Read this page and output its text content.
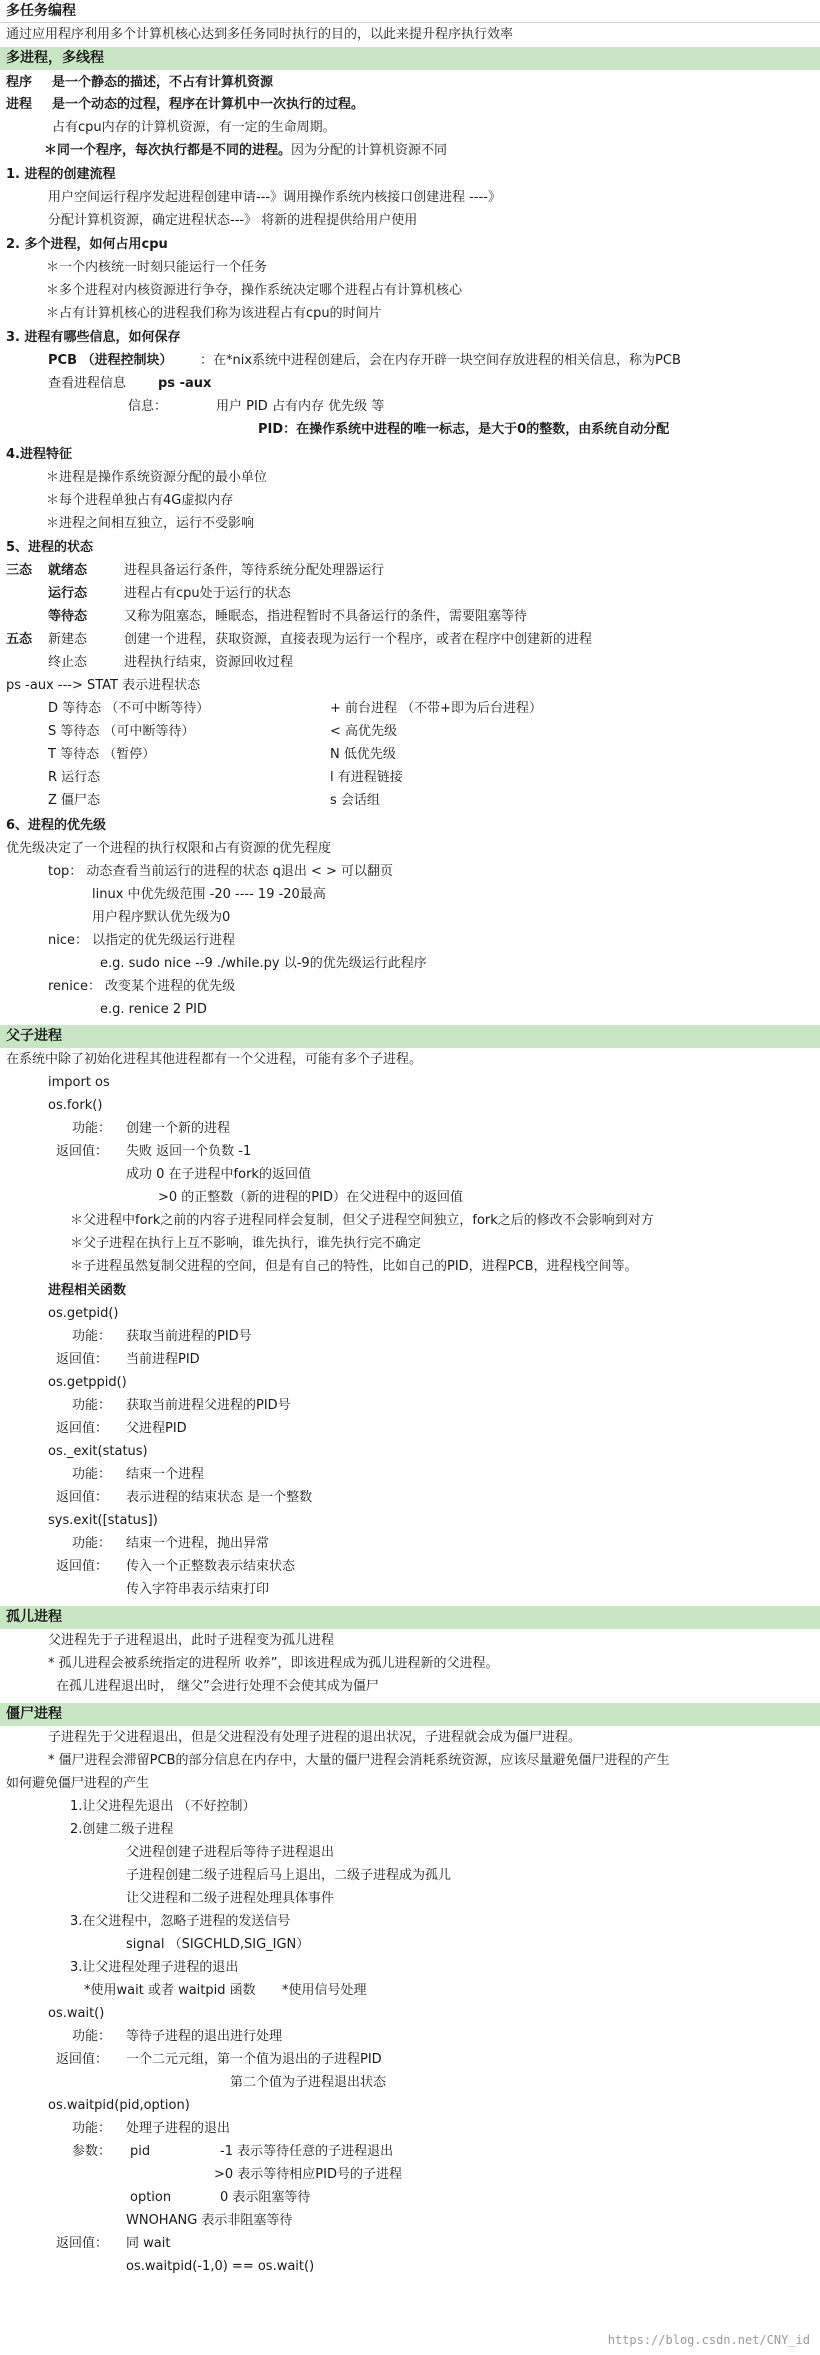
多任务编程
通过应用程序利用多个计算机核心达到多任务同时执行的目的，以此来提升程序执行效率
多进程，多线程
程序 是一个静态的描述，不占有计算机资源
进程 是一个动态的过程，程序在计算机中一次执行的过程。
占有cpu内存的计算机资源，有一定的生命周期。
＊同一个程序，每次执行都是不同的进程。因为分配的计算机资源不同
1. 进程的创建流程
用户空间运行程序发起进程创建申请---》调用操作系统内核接口创建进程 ----》
分配计算机资源，确定进程状态---》 将新的进程提供给用户使用
2. 多个进程，如何占用cpu
＊一个内核统一时刻只能运行一个任务
＊多个进程对内核资源进行争夺，操作系统决定哪个进程占有计算机核心
＊占有计算机核心的进程我们称为该进程占有cpu的时间片
3. 进程有哪些信息，如何保存
PCB （进程控制块） ：在*nix系统中进程创建后，会在内存开辟一块空间存放进程的相关信息，称为PCB
查看进程信息 ps -aux
信息：	用户 PID 占有内存 优先级 等
PID：在操作系统中进程的唯一标志，是大于0的整数，由系统自动分配
4.进程特征
＊进程是操作系统资源分配的最小单位
＊每个进程单独占有4G虚拟内存
＊进程之间相互独立，运行不受影响
5、进程的状态
三态 就绪态	进程具备运行条件，等待系统分配处理器运行
运行态	进程占有cpu处于运行的状态
等待态	又称为阻塞态，睡眠态，指进程暂时不具备运行的条件，需要阻塞等待
五态 新建态	创建一个进程，获取资源，直接表现为运行一个程序，或者在程序中创建新的进程
终止态	进程执行结束，资源回收过程
ps -aux ---> STAT 表示进程状态
D 等待态 （不可中断等待）	+ 前台进程 （不带+即为后台进程）
S 等待态 （可中断等待）	< 高优先级
T 等待态 （暂停）	N 低优先级
R 运行态	l 有进程链接
Z 僵尸态	s 会话组
6、进程的优先级
优先级决定了一个进程的执行权限和占有资源的优先程度
top： 动态查看当前运行的进程的状态 q退出 < > 可以翻页
linux 中优先级范围 -20 ---- 19 -20最高
用户程序默认优先级为0
nice： 以指定的优先级运行进程
e.g. sudo nice --9 ./while.py 以-9的优先级运行此程序
renice： 改变某个进程的优先级
e.g. renice 2 PID
父子进程
在系统中除了初始化进程其他进程都有一个父进程，可能有多个子进程。
import os
os.fork()
功能： 创建一个新的进程
返回值： 失败 返回一个负数 -1
成功 0 在子进程中fork的返回值
>0 的正整数（新的进程的PID）在父进程中的返回值
＊父进程中fork之前的内容子进程同样会复制，但父子进程空间独立，fork之后的修改不会影响到对方
＊父子进程在执行上互不影响，谁先执行，谁先执行完不确定
＊子进程虽然复制父进程的空间，但是有自己的特性，比如自己的PID，进程PCB，进程栈空间等。
进程相关函数
os.getpid()
功能： 获取当前进程的PID号
返回值： 当前进程PID
os.getppid()
功能： 获取当前进程父进程的PID号
返回值： 父进程PID
os._exit(status)
功能： 结束一个进程
返回值： 表示进程的结束状态 是一个整数
sys.exit([status])
功能： 结束一个进程，抛出异常
返回值： 传入一个正整数表示结束状态
传入字符串表示结束打印
孤儿进程
父进程先于子进程退出，此时子进程变为孤儿进程
* 孤儿进程会被系统指定的进程所 收养”，即该进程成为孤儿进程新的父进程。
在孤儿进程退出时， 继父”会进行处理不会使其成为僵尸
僵尸进程
子进程先于父进程退出，但是父进程没有处理子进程的退出状况，子进程就会成为僵尸进程。
* 僵尸进程会滞留PCB的部分信息在内存中，大量的僵尸进程会消耗系统资源，应该尽量避免僵尸进程的产生
如何避免僵尸进程的产生
1.让父进程先退出 （不好控制）
2.创建二级子进程
父进程创建子进程后等待子进程退出
子进程创建二级子进程后马上退出，二级子进程成为孤儿
让父进程和二级子进程处理具体事件
3.在父进程中，忽略子进程的发送信号
signal （SIGCHLD,SIG_IGN）
3.让父进程处理子进程的退出
*使用wait 或者 waitpid 函数 *使用信号处理
os.wait()
功能： 等待子进程的退出进行处理
返回值： 一个二元元组，第一个值为退出的子进程PID
第二个值为子进程退出状态
os.waitpid(pid,option)
功能： 处理子进程的退出
参数： pid	-1 表示等待任意的子进程退出
>0 表示等待相应PID号的子进程
option	0 表示阻塞等待
WNOHANG 表示非阻塞等待
返回值： 同 wait
os.waitpid(-1,0) == os.wait()
https://blog.csdn.net/CNY_id
